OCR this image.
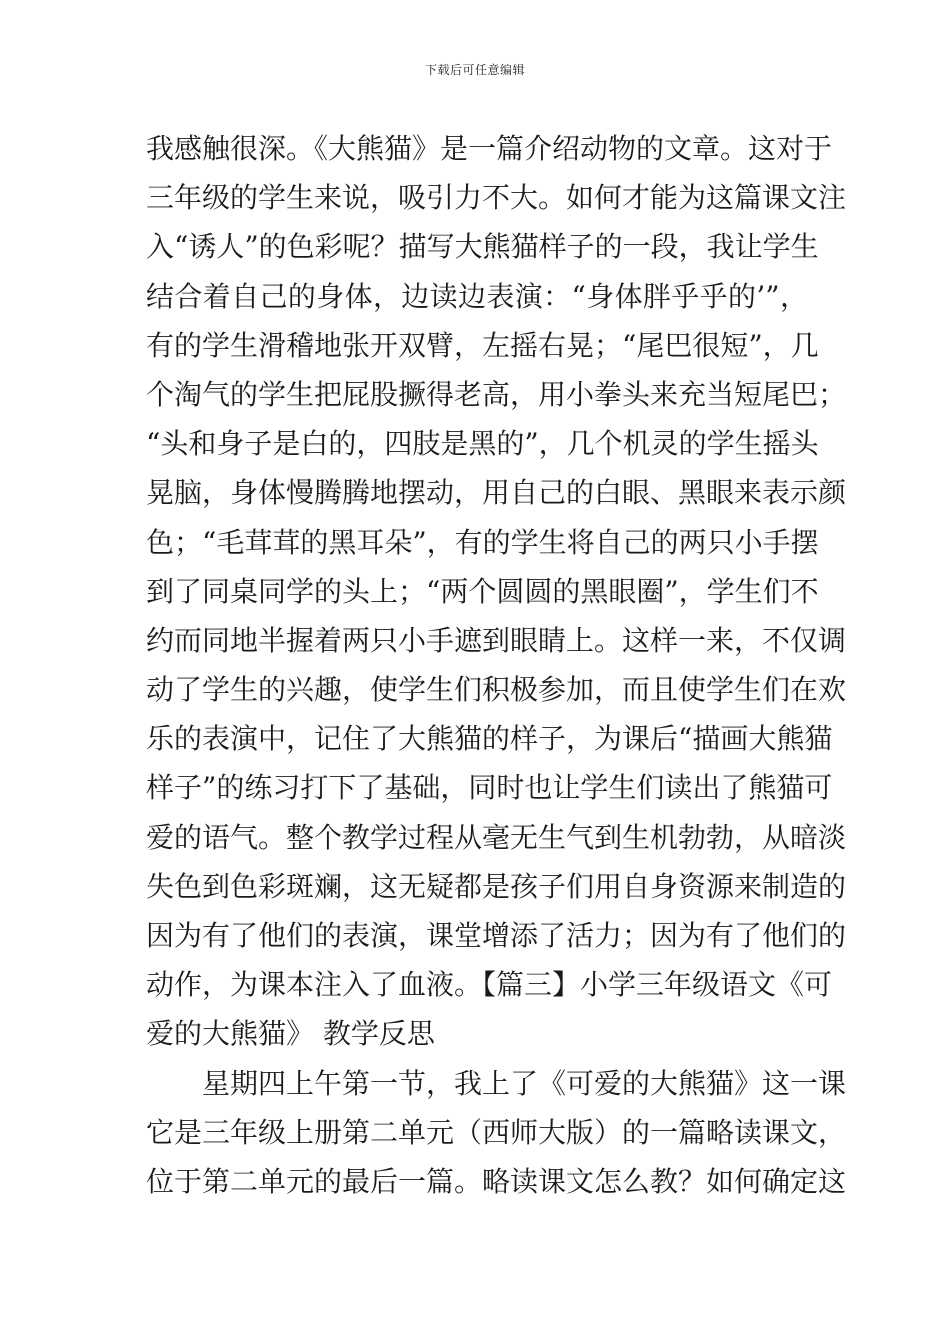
下载后可任意编辑
我感触很深。《大熊猫》是一篇介绍动物的文章。这对于
三年级的学生来说，吸引力不大。如何才能为这篇课文注
入“诱人”的色彩呢？描写大熊猫样子的一段，我让学生
结合着自己的身体，边读边表演：“身体胖乎乎的’”，
有的学生滑稽地张开双臂，左摇右晃；“尾巴很短”，几
个淘气的学生把屁股撅得老高，用小拳头来充当短尾巴；
“头和身子是白的，四肢是黑的”，几个机灵的学生摇头
晃脑，身体慢腾腾地摆动，用自己的白眼、黑眼来表示颜
色；“毛茸茸的黑耳朵”，有的学生将自己的两只小手摆
到了同桌同学的头上；“两个圆圆的黑眼圈”，学生们不
约而同地半握着两只小手遮到眼睛上。这样一来，不仅调
动了学生的兴趣，使学生们积极参加，而且使学生们在欢
乐的表演中，记住了大熊猫的样子，为课后“描画大熊猫
样子”的练习打下了基础，同时也让学生们读出了熊猫可
爱的语气。整个教学过程从毫无生气到生机勃勃，从暗淡
失色到色彩斑斓，这无疑都是孩子们用自身资源来制造的
因为有了他们的表演，课堂增添了活力；因为有了他们的
动作，为课本注入了血液。【篇三】小学三年级语文《可
爱的大熊猫》 教学反思
星期四上午第一节，我上了《可爱的大熊猫》这一课
它是三年级上册第二单元（西师大版）的一篇略读课文，
位于第二单元的最后一篇。略读课文怎么教？如何确定这
